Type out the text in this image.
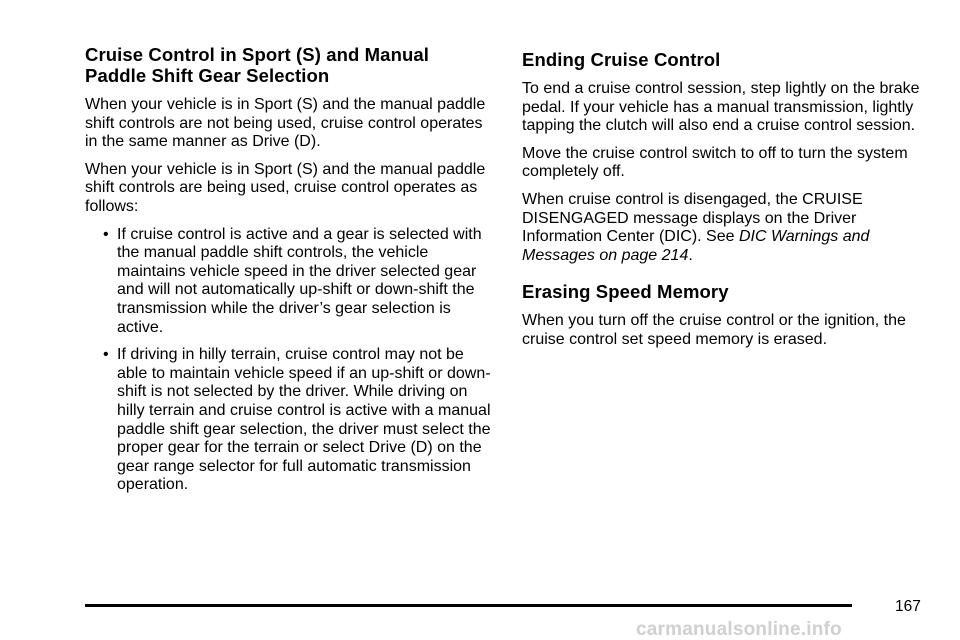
Cruise Control in Sport (S) and Manual Paddle Shift Gear Selection

When your vehicle is in Sport (S) and the manual paddle shift controls are not being used, cruise control operates in the same manner as Drive (D).

When your vehicle is in Sport (S) and the manual paddle shift controls are being used, cruise control operates as follows:

• If cruise control is active and a gear is selected with the manual paddle shift controls, the vehicle maintains vehicle speed in the driver selected gear and will not automatically up-shift or down-shift the transmission while the driver’s gear selection is active.
• If driving in hilly terrain, cruise control may not be able to maintain vehicle speed if an up-shift or down-shift is not selected by the driver. While driving on hilly terrain and cruise control is active with a manual paddle shift gear selection, the driver must select the proper gear for the terrain or select Drive (D) on the gear range selector for full automatic transmission operation.
Ending Cruise Control

To end a cruise control session, step lightly on the brake pedal. If your vehicle has a manual transmission, lightly tapping the clutch will also end a cruise control session.

Move the cruise control switch to off to turn the system completely off.

When cruise control is disengaged, the CRUISE DISENGAGED message displays on the Driver Information Center (DIC). See DIC Warnings and Messages on page 214.

Erasing Speed Memory

When you turn off the cruise control or the ignition, the cruise control set speed memory is erased.

167
carmanualsonline.info
